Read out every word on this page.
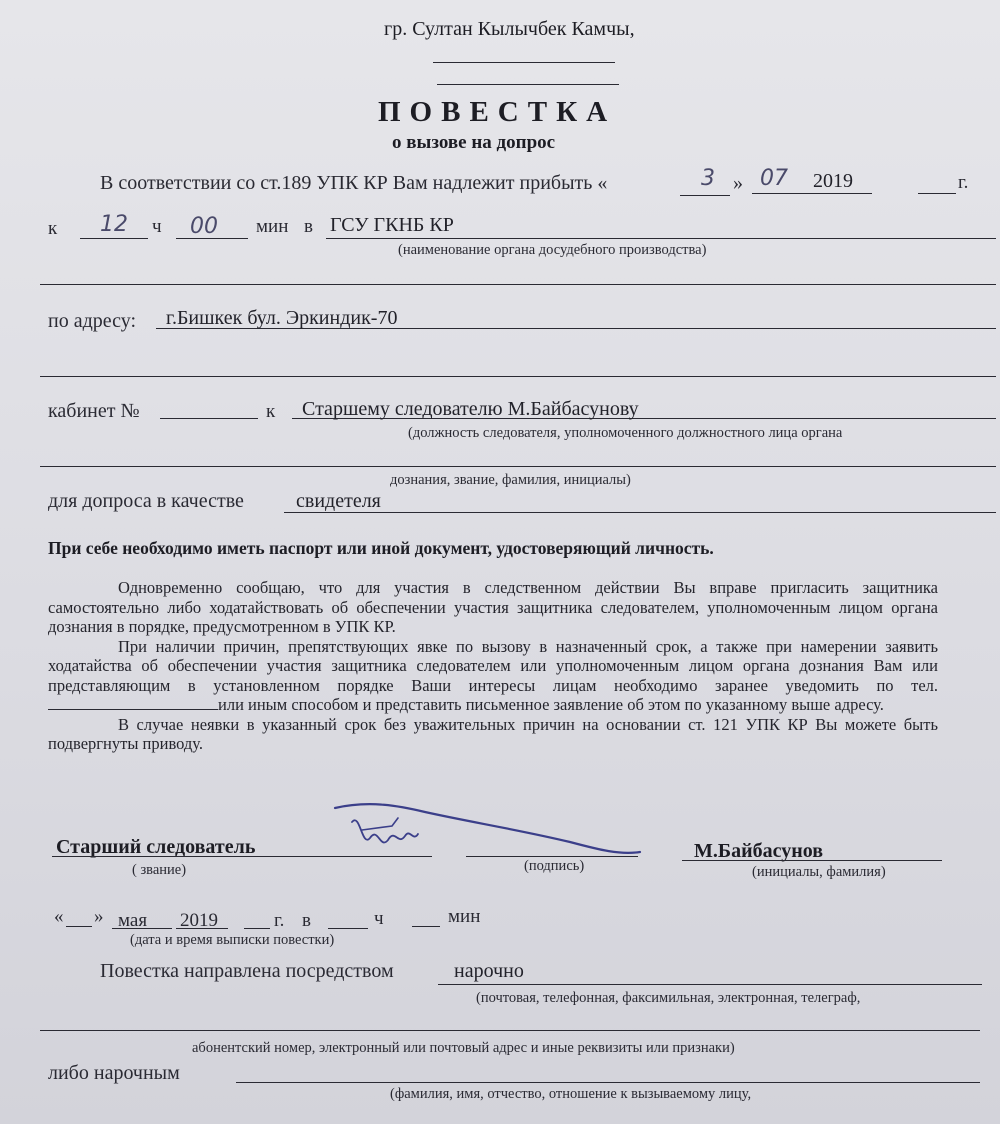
гр. Султан Кылычбек Камчы,
ПОВЕСТКА
о вызове на допрос
В соответствии со ст.189 УПК КР Вам надлежит прибыть «	3 » 07 2019	г.
к 12 ч 00 мин в ГСУ ГКНБ КР
(наименование органа досудебного производства)
по адресу: г.Бишкек бул. Эркиндик-70
кабинет №	к Старшему следователю М.Байбасунову
(должность следователя, уполномоченного должностного лица органа
дознания, звание, фамилия, инициалы)
для допроса в качестве	свидетеля
При себе необходимо иметь паспорт или иной документ, удостоверяющий личность.

Одновременно сообщаю, что для участия в следственном действии Вы вправе пригласить защитника самостоятельно либо ходатайствовать об обеспечении участия защитника следователем, уполномоченным лицом органа дознания в порядке, предусмотренном в УПК КР.

При наличии причин, препятствующих явке по вызову в назначенный срок, а также при намерении заявить ходатайства об обеспечении участия защитника следователем или уполномоченным лицом органа дознания Вам или представляющим в установленном порядке Ваши интересы лицам необходимо заранее уведомить по тел. или иным способом и представить письменное заявление об этом по указанному выше адресу.

В случае неявки в указанный срок без уважительных причин на основании ст. 121 УПК КР Вы можете быть подвергнуты приводу.

Старший следователь
( звание)	(подпись)
М.Байбасунов
(инициалы, фамилия)
« » мая 2019	г. в	ч	мин
(дата и время выписки повестки)
Повестка направлена посредством	нарочно
(почтовая, телефонная, факсимильная, электронная, телеграф,
абонентский номер, электронный или почтовый адрес и иные реквизиты или признаки)
либо нарочным
(фамилия, имя, отчество, отношение к вызываемому лицу,
